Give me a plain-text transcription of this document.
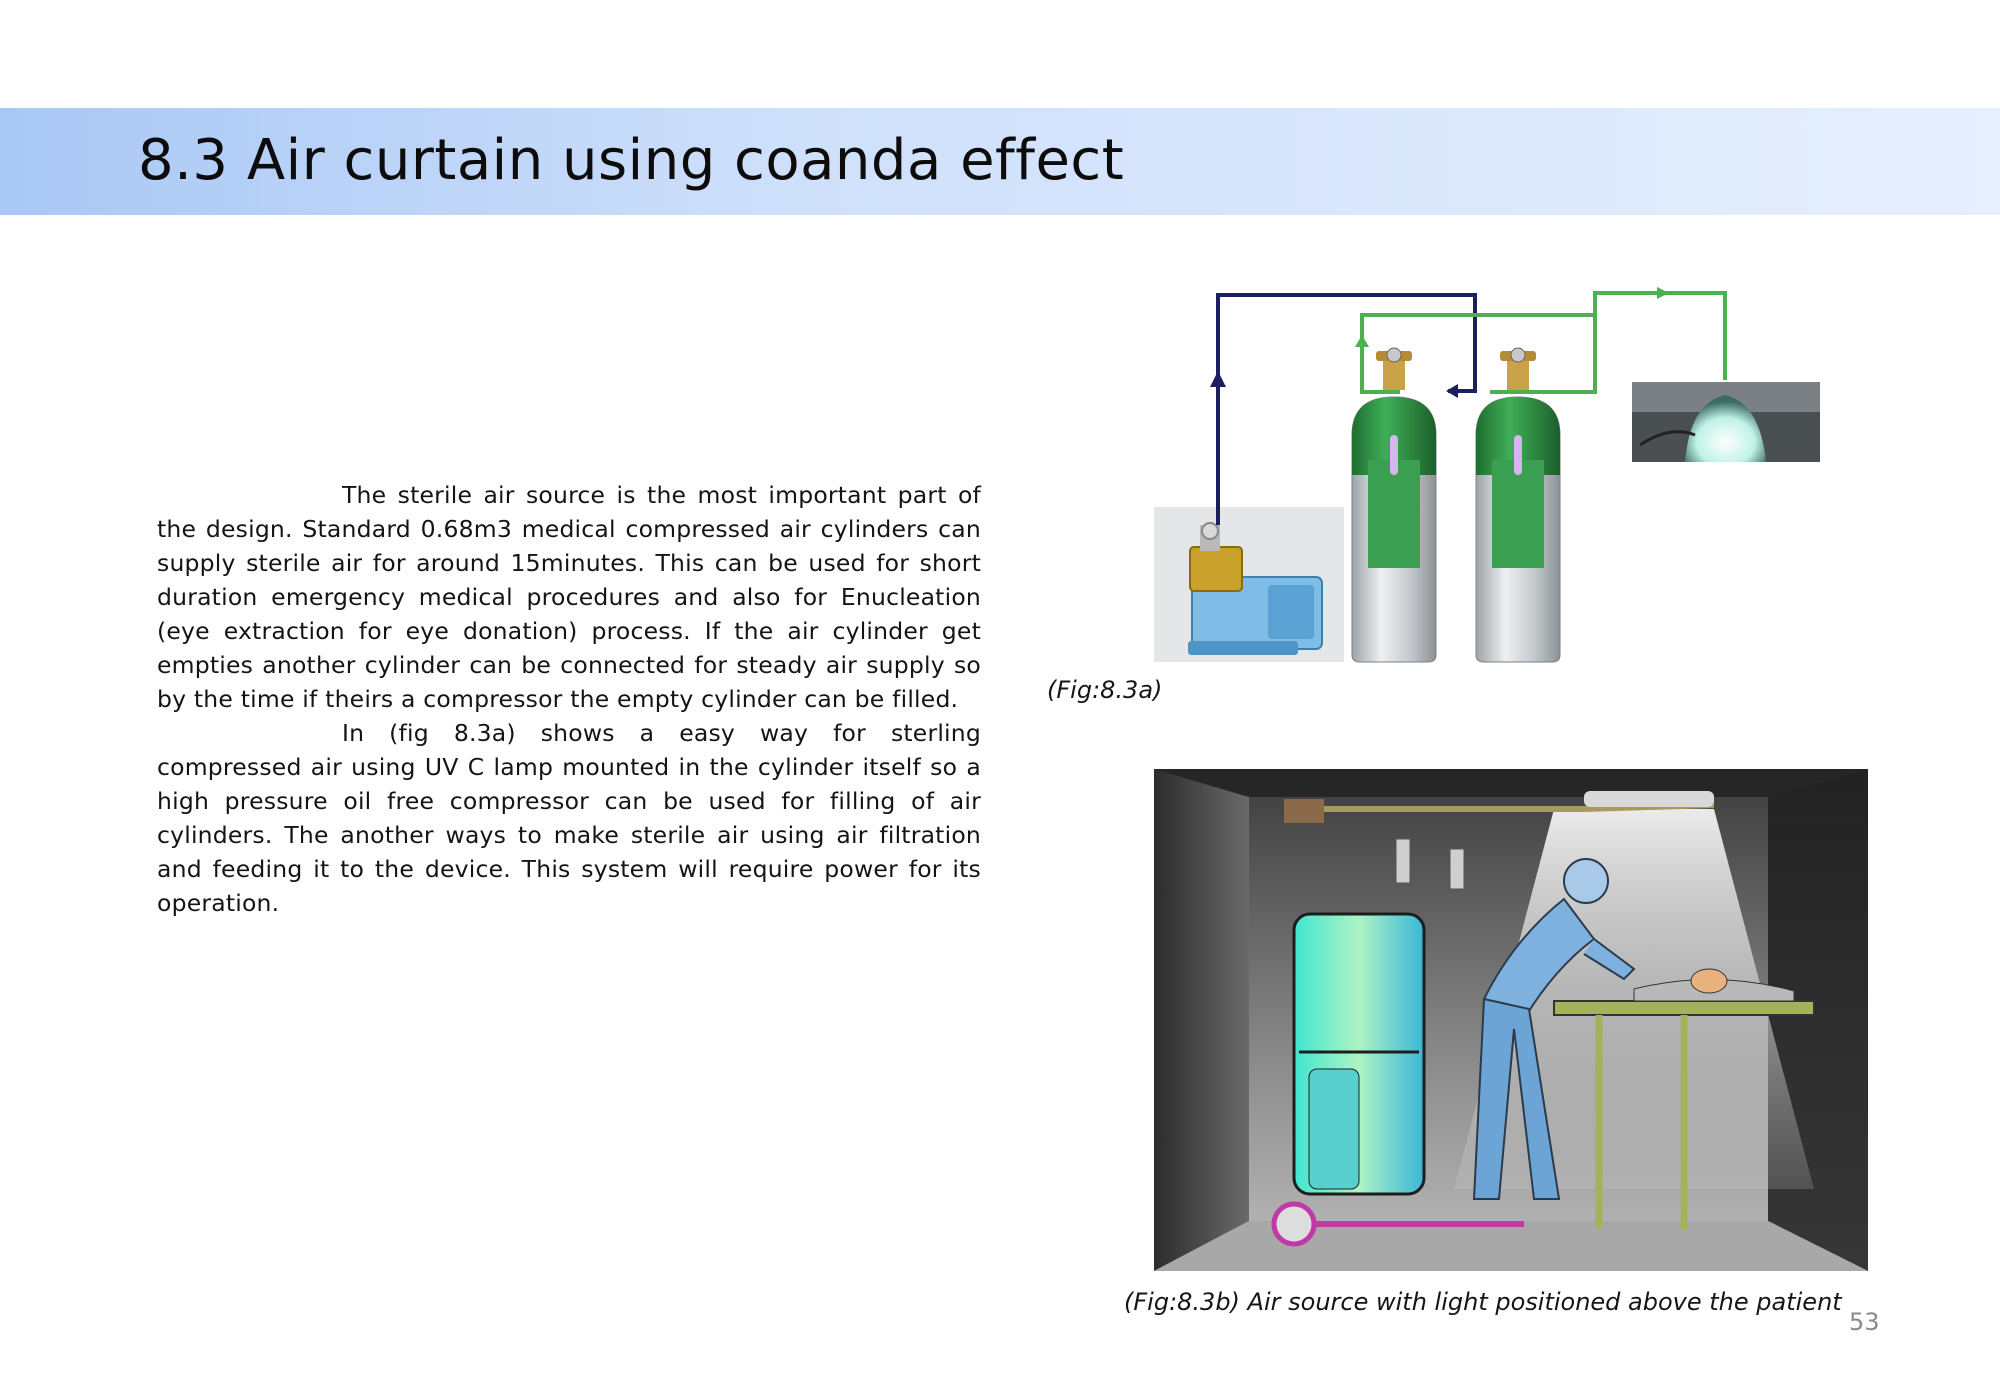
8.3 Air curtain using coanda effect

The sterile air source is the most important part of the design. Standard 0.68m3 medical compressed air cylinders can supply sterile air for around 15minutes. This can be used for short duration emergency medical procedures and also for Enucleation (eye extraction for eye donation) process. If the air cylinder get empties another cylinder can be connected for steady air supply so by the time if theirs a compressor the empty cylinder can be filled.

In (fig 8.3a) shows a easy way for sterling compressed air using UV C lamp mounted in the cylinder itself so a high pressure oil free compressor can be used for filling of air cylinders. The another ways to make sterile air using air filtration and feeding it to the device. This system will require power for its operation.

(Fig:8.3a)
(Fig:8.3b) Air source with light positioned above the patient
53
